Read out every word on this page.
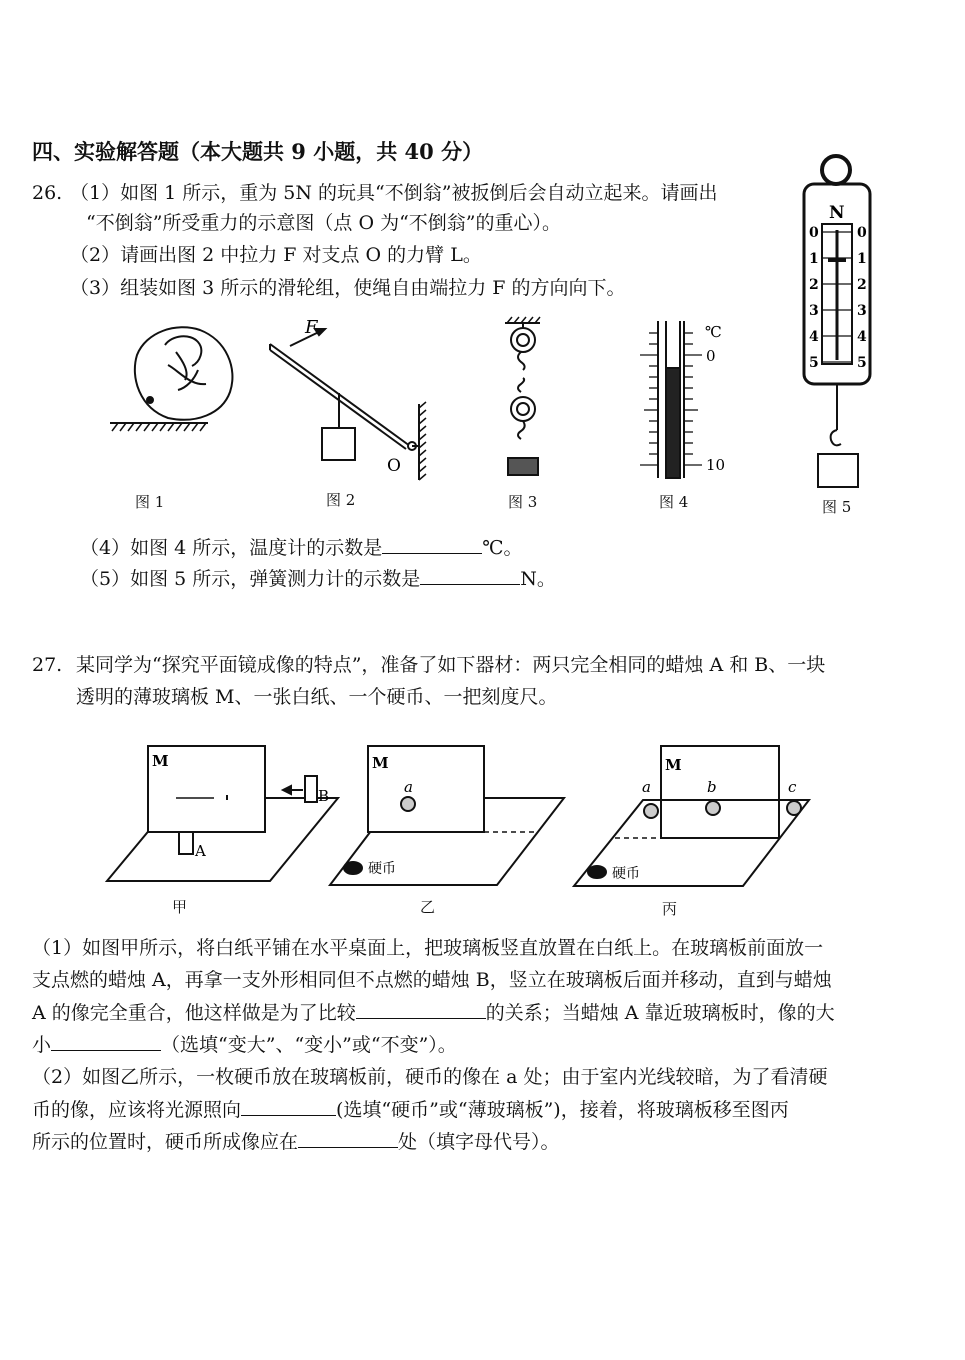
四、实验解答题（本大题共 9 小题，共 40 分）
26. （1）如图 1 所示，重为 5N 的玩具“不倒翁”被扳倒后会自动立起来。请画出
“不倒翁”所受重力的示意图（点 O 为“不倒翁”的重心）。
（2）请画出图 2 中拉力 F 对支点 O 的力臂 L。
（3）组装如图 3 所示的滑轮组，使绳自由端拉力 F 的方向向下。
F
O
℃
0
10
N
0
1
2
3
4
5
0
1
2
3
4
5
M
A
B
M
a
硬币
M
a	b	c
硬币
图 1	图 2	图 3	图 4	图 5
（4）如图 4 所示，温度计的示数是	℃。
（5）如图 5 所示，弹簧测力计的示数是	N。
27. 某同学为“探究平面镜成像的特点”，准备了如下器材：两只完全相同的蜡烛 A 和 B、一块
透明的薄玻璃板 M、一张白纸、一个硬币、一把刻度尺。
甲	乙	丙
（1）如图甲所示，将白纸平铺在水平桌面上，把玻璃板竖直放置在白纸上。在玻璃板前面放一
支点燃的蜡烛 A，再拿一支外形相同但不点燃的蜡烛 B，竖立在玻璃板后面并移动，直到与蜡烛
A 的像完全重合，他这样做是为了比较	的关系；当蜡烛 A 靠近玻璃板时，像的大
小	（选填“变大”、“变小”或“不变”）。
（2）如图乙所示，一枚硬币放在玻璃板前，硬币的像在 a 处；由于室内光线较暗，为了看清硬
币的像，应该将光源照向	(选填“硬币”或“薄玻璃板”)，接着，将玻璃板移至图丙
所示的位置时，硬币所成像应在	处（填字母代号）。
